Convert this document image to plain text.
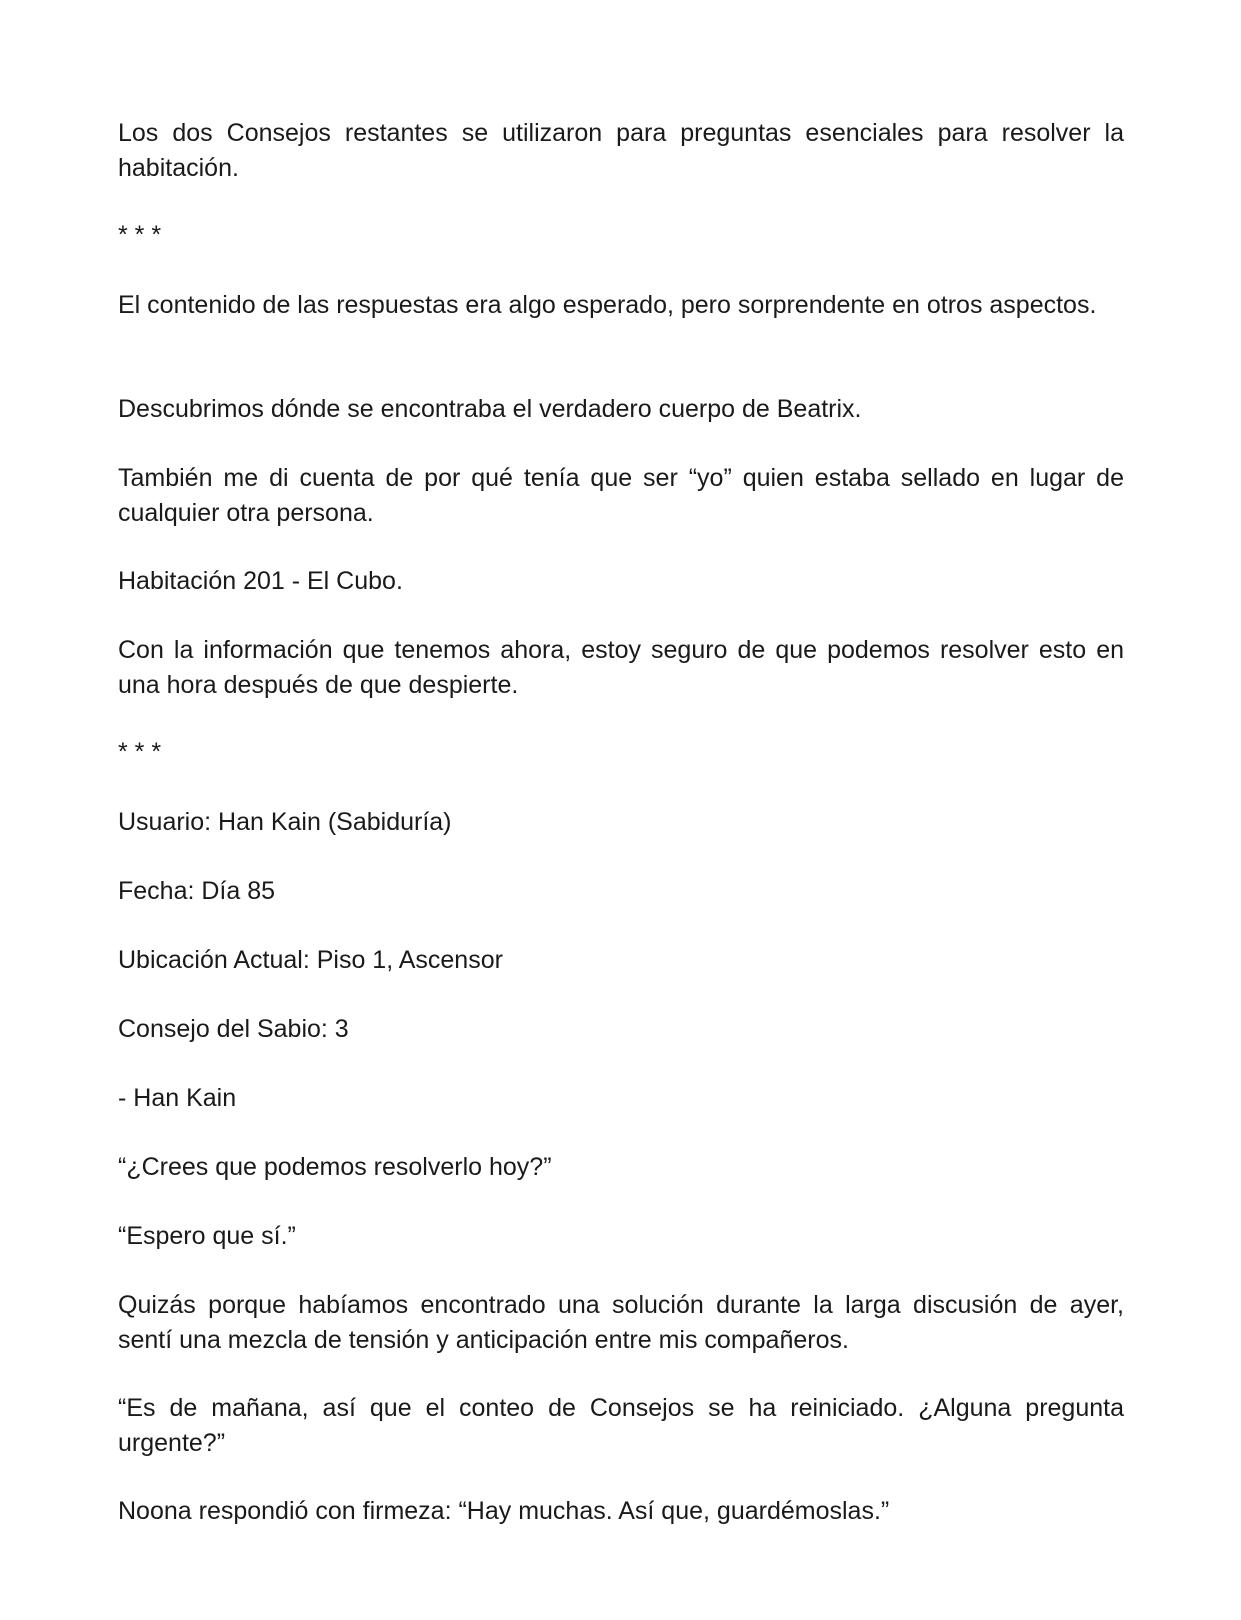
Los dos Consejos restantes se utilizaron para preguntas esenciales para resolver la habitación.

* * *

El contenido de las respuestas era algo esperado, pero sorprendente en otros aspectos.

Descubrimos dónde se encontraba el verdadero cuerpo de Beatrix.

También me di cuenta de por qué tenía que ser “yo” quien estaba sellado en lugar de cualquier otra persona.

Habitación 201 - El Cubo.

Con la información que tenemos ahora, estoy seguro de que podemos resolver esto en una hora después de que despierte.

* * *

Usuario: Han Kain (Sabiduría)

Fecha: Día 85

Ubicación Actual: Piso 1, Ascensor

Consejo del Sabio: 3

- Han Kain

“¿Crees que podemos resolverlo hoy?”

“Espero que sí.”

Quizás porque habíamos encontrado una solución durante la larga discusión de ayer, sentí una mezcla de tensión y anticipación entre mis compañeros.

“Es de mañana, así que el conteo de Consejos se ha reiniciado. ¿Alguna pregunta urgente?”

Noona respondió con firmeza: “Hay muchas. Así que, guardémoslas.”
